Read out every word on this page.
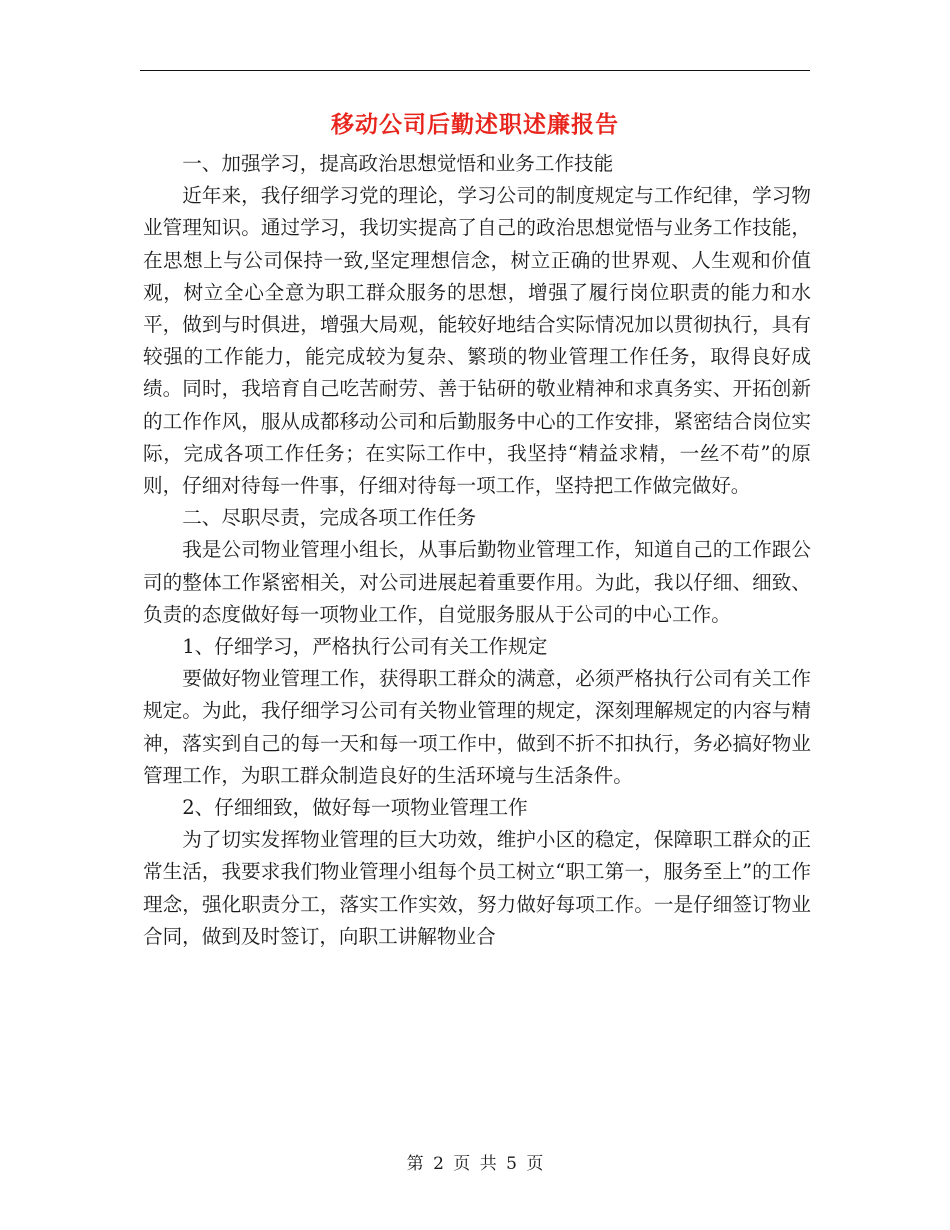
移动公司后勤述职述廉报告

一、加强学习，提高政治思想觉悟和业务工作技能

近年来，我仔细学习党的理论，学习公司的制度规定与工作纪律，学习物业管理知识。通过学习，我切实提高了自己的政治思想觉悟与业务工作技能，在思想上与公司保持一致,坚定理想信念，树立正确的世界观、人生观和价值观，树立全心全意为职工群众服务的思想，增强了履行岗位职责的能力和水平，做到与时俱进，增强大局观，能较好地结合实际情况加以贯彻执行，具有较强的工作能力，能完成较为复杂、繁琐的物业管理工作任务，取得良好成绩。同时，我培育自己吃苦耐劳、善于钻研的敬业精神和求真务实、开拓创新的工作作风，服从成都移动公司和后勤服务中心的工作安排，紧密结合岗位实际，完成各项工作任务；在实际工作中，我坚持“精益求精，一丝不苟”的原则，仔细对待每一件事，仔细对待每一项工作，坚持把工作做完做好。

二、尽职尽责，完成各项工作任务

我是公司物业管理小组长，从事后勤物业管理工作，知道自己的工作跟公司的整体工作紧密相关，对公司进展起着重要作用。为此，我以仔细、细致、负责的态度做好每一项物业工作，自觉服务服从于公司的中心工作。

1、仔细学习，严格执行公司有关工作规定

要做好物业管理工作，获得职工群众的满意，必须严格执行公司有关工作规定。为此，我仔细学习公司有关物业管理的规定，深刻理解规定的内容与精神，落实到自己的每一天和每一项工作中，做到不折不扣执行，务必搞好物业管理工作，为职工群众制造良好的生活环境与生活条件。

2、仔细细致，做好每一项物业管理工作

为了切实发挥物业管理的巨大功效，维护小区的稳定，保障职工群众的正常生活，我要求我们物业管理小组每个员工树立“职工第一，服务至上”的工作理念，强化职责分工，落实工作实效，努力做好每项工作。一是仔细签订物业合同，做到及时签订，向职工讲解物业合

第 2 页 共 5 页
